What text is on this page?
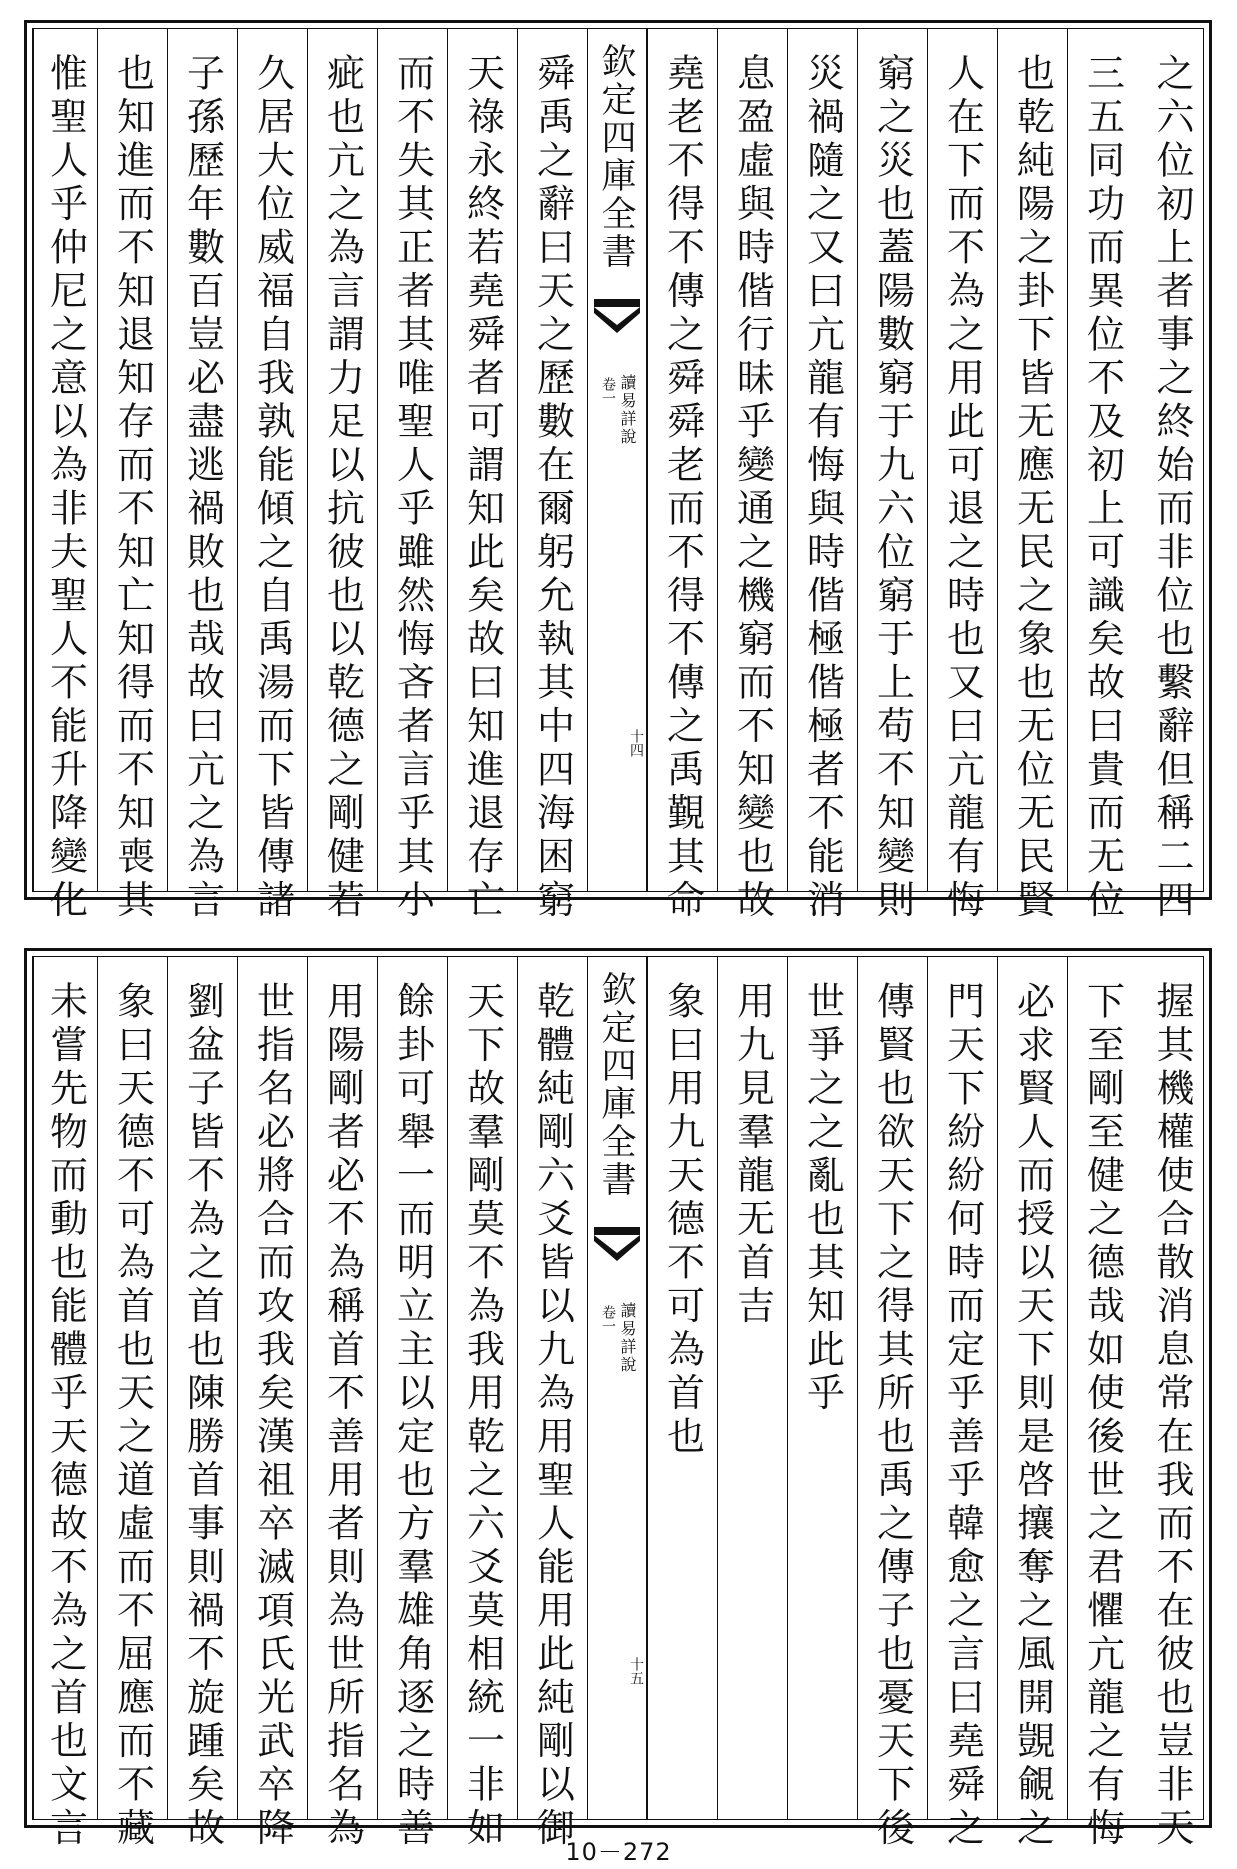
之六位初上者事之終始而非位也繫辭但稱二四
三五同功而異位不及初上可識矣故曰貴而无位
也乾純陽之卦下皆无應无民之象也无位无民賢
人在下而不為之用此可退之時也又曰亢龍有悔
窮之災也蓋陽數窮于九六位窮于上苟不知變則
災禍隨之又曰亢龍有悔與時偕極偕極者不能消
息盈虛與時偕行昧乎變通之機窮而不知變也故
堯老不得不傳之舜舜老而不得不傳之禹覲其命
欽定四庫全書
讀易詳說
卷一
十四
舜禹之辭曰天之歷數在爾躬允執其中四海困窮
天祿永終若堯舜者可謂知此矣故曰知進退存亡
而不失其正者其唯聖人乎雖然悔吝者言乎其小
疵也亢之為言謂力足以抗彼也以乾德之剛健若
久居大位威福自我孰能傾之自禹湯而下皆傳諸
子孫歷年數百豈必盡逃禍敗也哉故曰亢之為言
也知進而不知退知存而不知亡知得而不知喪其
惟聖人乎仲尼之意以為非夫聖人不能升降變化
握其機權使合散消息常在我而不在彼也豈非天
下至剛至健之德哉如使後世之君懼亢龍之有悔
必求賢人而授以天下則是啓攘奪之風開覬覦之
門天下紛紛何時而定乎善乎韓愈之言曰堯舜之
傳賢也欲天下之得其所也禹之傳子也憂天下後
世爭之之亂也其知此乎
用九見羣龍无首吉
象曰用九天德不可為首也
欽定四庫全書
讀易詳說
卷一
十五
乾體純剛六爻皆以九為用聖人能用此純剛以御
天下故羣剛莫不為我用乾之六爻莫相統一非如
餘卦可舉一而明立主以定也方羣雄角逐之時善
用陽剛者必不為稱首不善用者則為世所指名為
世指名必將合而攻我矣漢祖卒滅項氏光武卒降
劉盆子皆不為之首也陳勝首事則禍不旋踵矣故
象曰天德不可為首也天之道虛而不屈應而不藏
未嘗先物而動也能體乎天德故不為之首也文言
10－272
